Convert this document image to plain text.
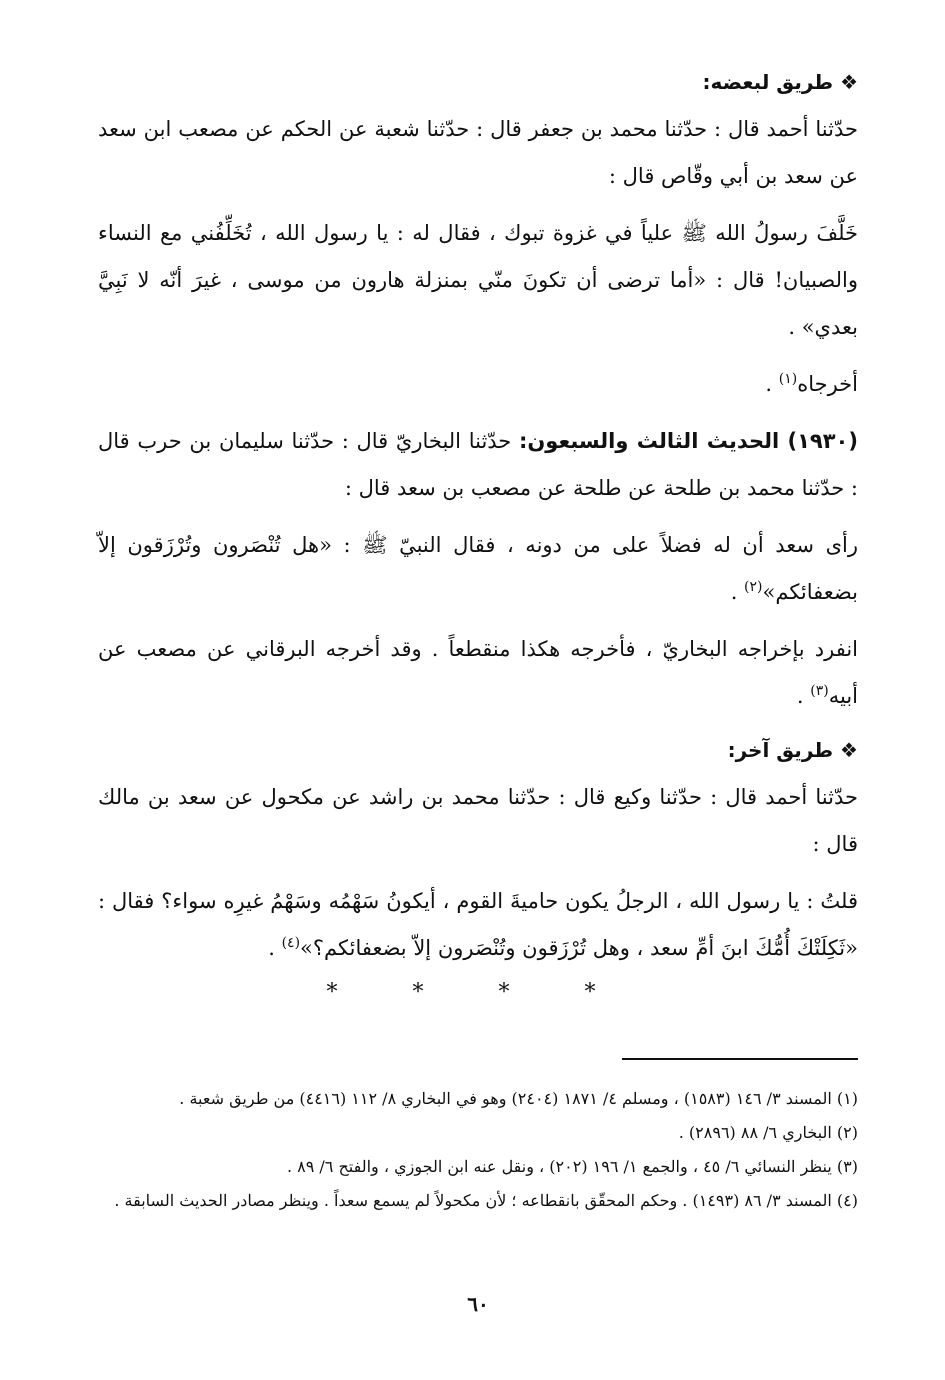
❖ طريق لبعضه:

حدّثنا أحمد قال : حدّثنا محمد بن جعفر قال : حدّثنا شعبة عن الحكم عن مصعب ابن سعد عن سعد بن أبي وقّاص قال :

خَلَّفَ رسولُ الله ﷺ علياً في غزوة تبوك ، فقال له : يا رسول الله ، تُخَلِّفُني مع النساء والصبيان! قال : «أما ترضى أن تكونَ منّي بمنزلة هارون من موسى ، غيرَ أنّه لا نَبِيَّ بعدي» .

أخرجاه$^{(١)}$ .

(١٩٣٠) الحديث الثالث والسبعون: حدّثنا البخاريّ قال : حدّثنا سليمان بن حرب قال : حدّثنا محمد بن طلحة عن طلحة عن مصعب بن سعد قال :

رأى سعد أن له فضلاً على من دونه ، فقال النبيّ ﷺ : «هل تُنْصَرون وتُرْزَقون إلاّ بضعفائكم»$^{(٢)}$ .

انفرد بإخراجه البخاريّ ، فأخرجه هكذا منقطعاً . وقد أخرجه البرقاني عن مصعب عن أبيه$^{(٣)}$ .

❖ طريق آخر:

حدّثنا أحمد قال : حدّثنا وكيع قال : حدّثنا محمد بن راشد عن مكحول عن سعد بن مالك قال :

قلتُ : يا رسول الله ، الرجلُ يكون حاميةَ القوم ، أيكونُ سَهْمُه وسَهْمُ غيرِه سواء؟ فقال : «ثَكِلَتْكَ أُمُّكَ ابنَ أمِّ سعد ، وهل تُرْزَقون وتُنْصَرون إلاّ بضعفائكم؟»$^{(٤)}$ .

* * * *

(١) المسند ٣/ ١٤٦ (١٥٨٣) ، ومسلم ٤/ ١٨٧١ (٢٤٠٤) وهو في البخاري ٨/ ١١٢ (٤٤١٦) من طريق شعبة .

(٢) البخاري ٦/ ٨٨ (٢٨٩٦) .

(٣) ينظر النسائي ٦/ ٤٥ ، والجمع ١/ ١٩٦ (٢٠٢) ، ونقل عنه ابن الجوزي ، والفتح ٦/ ٨٩ .

(٤) المسند ٣/ ٨٦ (١٤٩٣) . وحكم المحقّق بانقطاعه ؛ لأن مكحولاً لم يسمع سعداً . وينظر مصادر الحديث السابقة .

٦٠
